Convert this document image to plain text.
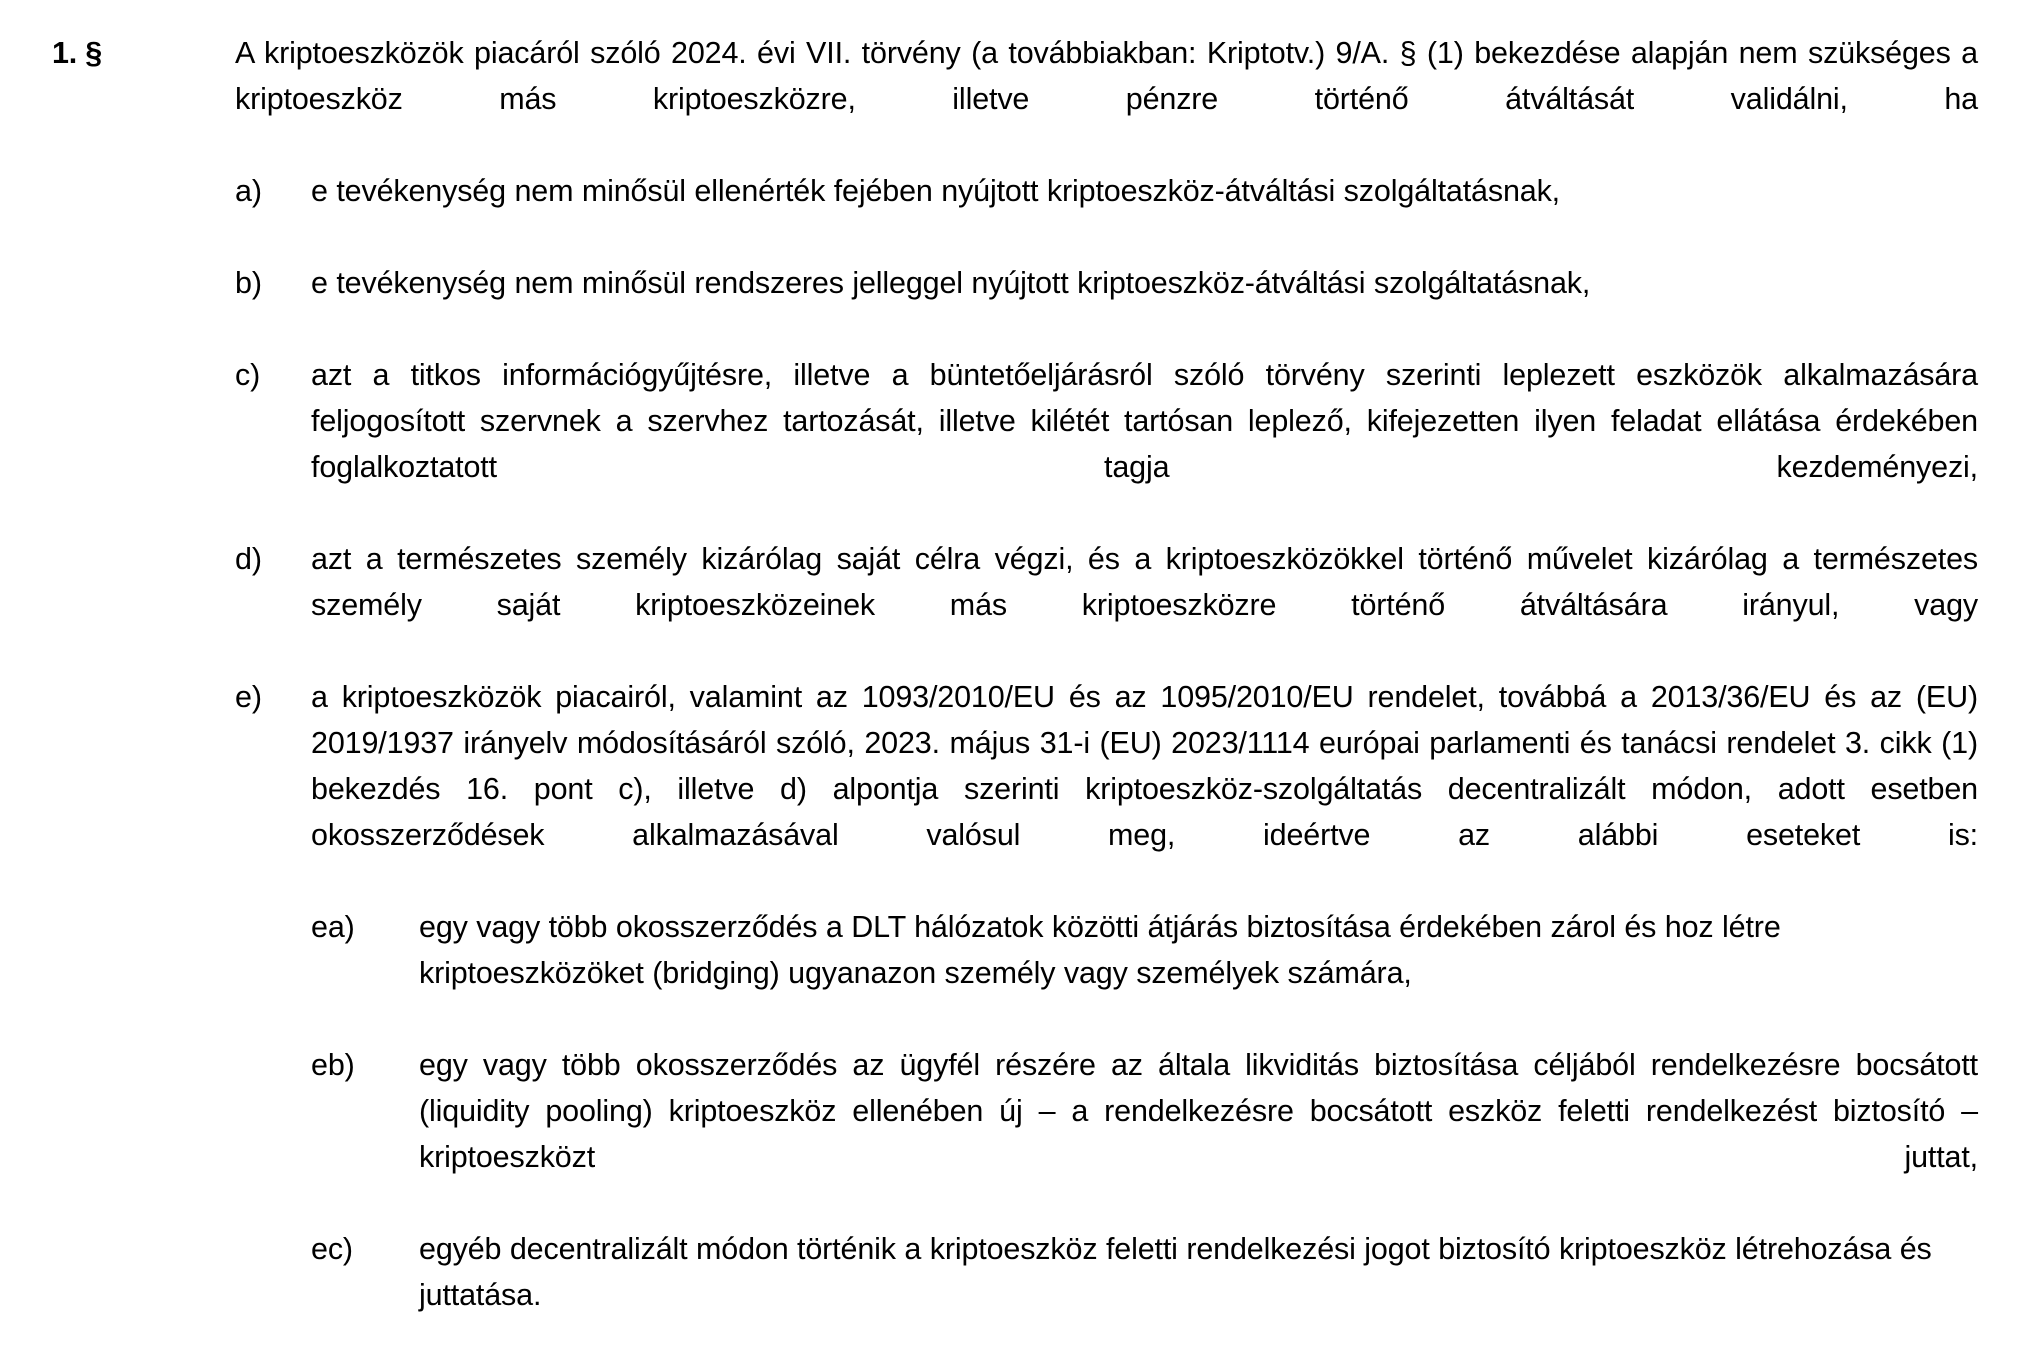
1. §	A kriptoeszközök piacáról szóló 2024. évi VII. törvény (a továbbiakban: Kriptotv.) 9/A. § (1) bekezdése alapján nem szükséges a kriptoeszköz más kriptoeszközre, illetve pénzre történő átváltását validálni, ha
a)	e tevékenység nem minősül ellenérték fejében nyújtott kriptoeszköz-átváltási szolgáltatásnak,
b)	e tevékenység nem minősül rendszeres jelleggel nyújtott kriptoeszköz-átváltási szolgáltatásnak,
c)	azt a titkos információgyűjtésre, illetve a büntetőeljárásról szóló törvény szerinti leplezett eszközök alkalmazására feljogosított szervnek a szervhez tartozását, illetve kilétét tartósan leplező, kifejezetten ilyen feladat ellátása érdekében foglalkoztatott tagja kezdeményezi,
d)	azt a természetes személy kizárólag saját célra végzi, és a kriptoeszközökkel történő művelet kizárólag a természetes személy saját kriptoeszközeinek más kriptoeszközre történő átváltására irányul, vagy
e)	a kriptoeszközök piacairól, valamint az 1093/2010/EU és az 1095/2010/EU rendelet, továbbá a 2013/36/EU és az (EU) 2019/1937 irányelv módosításáról szóló, 2023. május 31-i (EU) 2023/1114 európai parlamenti és tanácsi rendelet 3. cikk (1) bekezdés 16. pont c), illetve d) alpontja szerinti kriptoeszköz-szolgáltatás decentralizált módon, adott esetben okosszerződések alkalmazásával valósul meg, ideértve az alábbi eseteket is:
ea)	egy vagy több okosszerződés a DLT hálózatok közötti átjárás biztosítása érdekében zárol és hoz létre kriptoeszközöket (bridging) ugyanazon személy vagy személyek számára,
eb)	egy vagy több okosszerződés az ügyfél részére az általa likviditás biztosítása céljából rendelkezésre bocsátott (liquidity pooling) kriptoeszköz ellenében új – a rendelkezésre bocsátott eszköz feletti rendelkezést biztosító – kriptoeszközt juttat,
ec)	egyéb decentralizált módon történik a kriptoeszköz feletti rendelkezési jogot biztosító kriptoeszköz létrehozása és juttatása.
